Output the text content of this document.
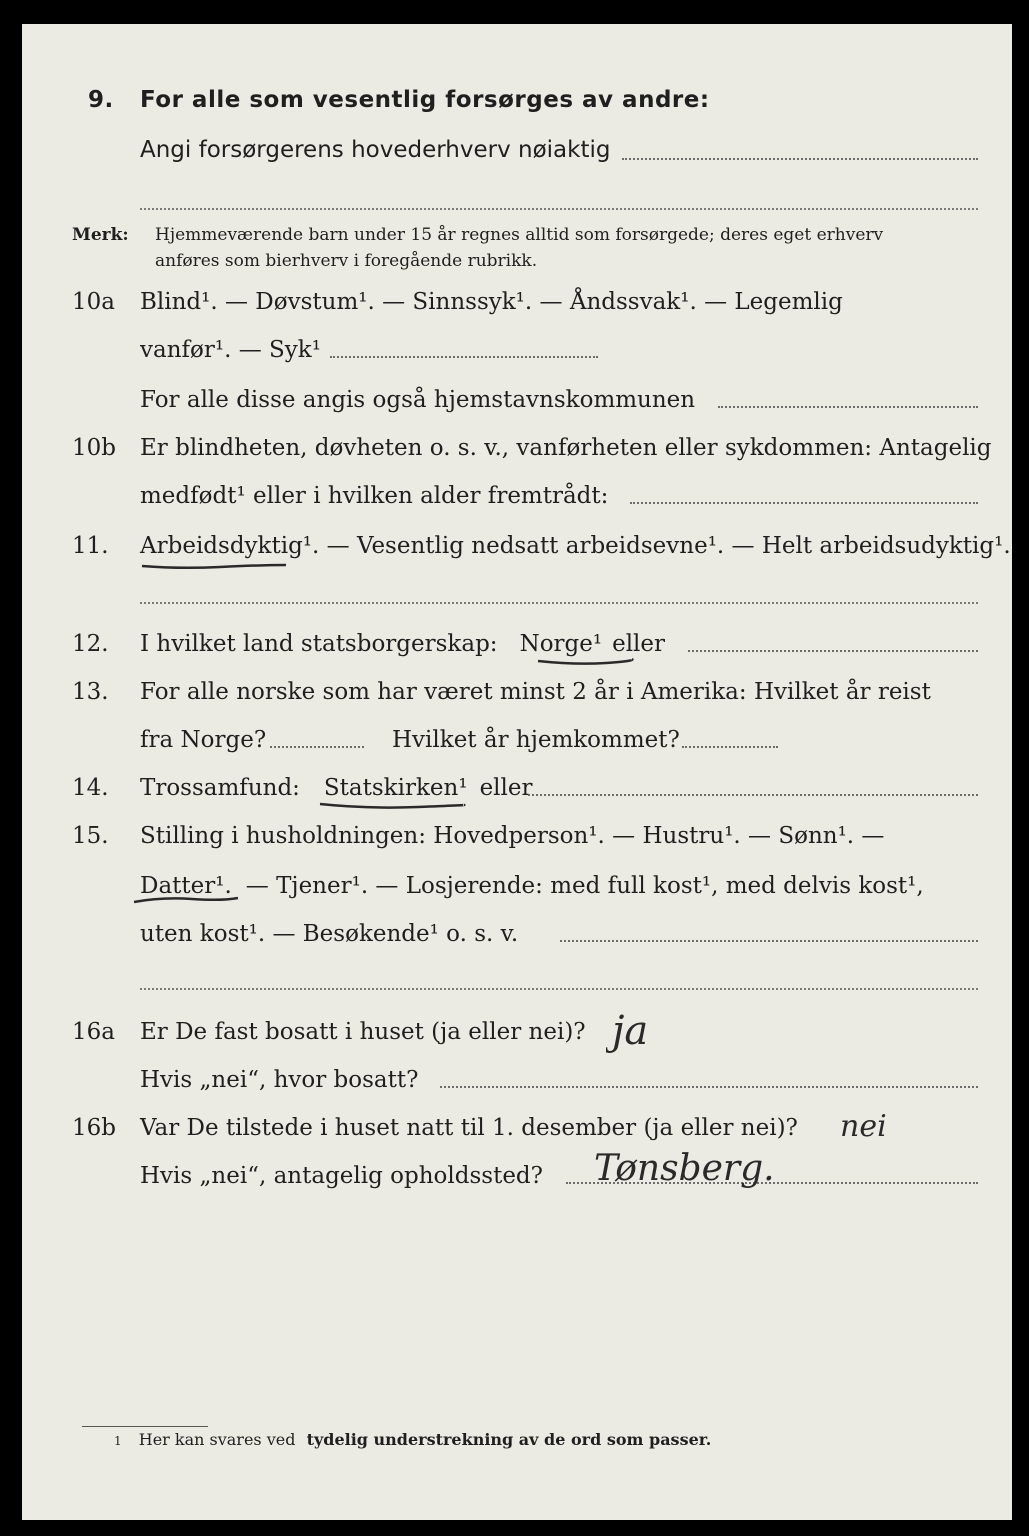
9.	For alle som vesentlig forsørges av andre:
Angi forsørgerens hovederhverv nøiaktig
Merk: Hjemmeværende barn under 15 år regnes alltid som forsørgede; deres eget erhverv
anføres som bierhverv i foregående rubrikk.
10a	Blind¹. — Døvstum¹. — Sinnssyk¹. — Åndssvak¹. — Legemlig
vanfør¹. — Syk¹
For alle disse angis også hjemstavnskommunen
10b	Er blindheten, døvheten o. s. v., vanførheten eller sykdommen: Antagelig
medfødt¹ eller i hvilken alder fremtrådt:
11.	Arbeidsdyktig¹. — Vesentlig nedsatt arbeidsevne¹. — Helt arbeidsudyktig¹.
12.	I hvilket land statsborgerskap: Norge¹ eller
13.	For alle norske som har været minst 2 år i Amerika: Hvilket år reist
fra Norge?	Hvilket år hjemkommet?
14.	Trossamfund: Statskirken¹ eller
15.	Stilling i husholdningen: Hovedperson¹. — Hustru¹. — Sønn¹. —
Datter¹. — Tjener¹. — Losjerende: med full kost¹, med delvis kost¹,
uten kost¹. — Besøkende¹ o. s. v.
16a	Er De fast bosatt i huset (ja eller nei)? ja
Hvis „nei“, hvor bosatt?
16b	Var De tilstede i huset natt til 1. desember (ja eller nei)? nei
Hvis „nei“, antagelig opholdssted? Tønsberg.
1 Her kan svares ved tydelig understrekning av de ord som passer.
